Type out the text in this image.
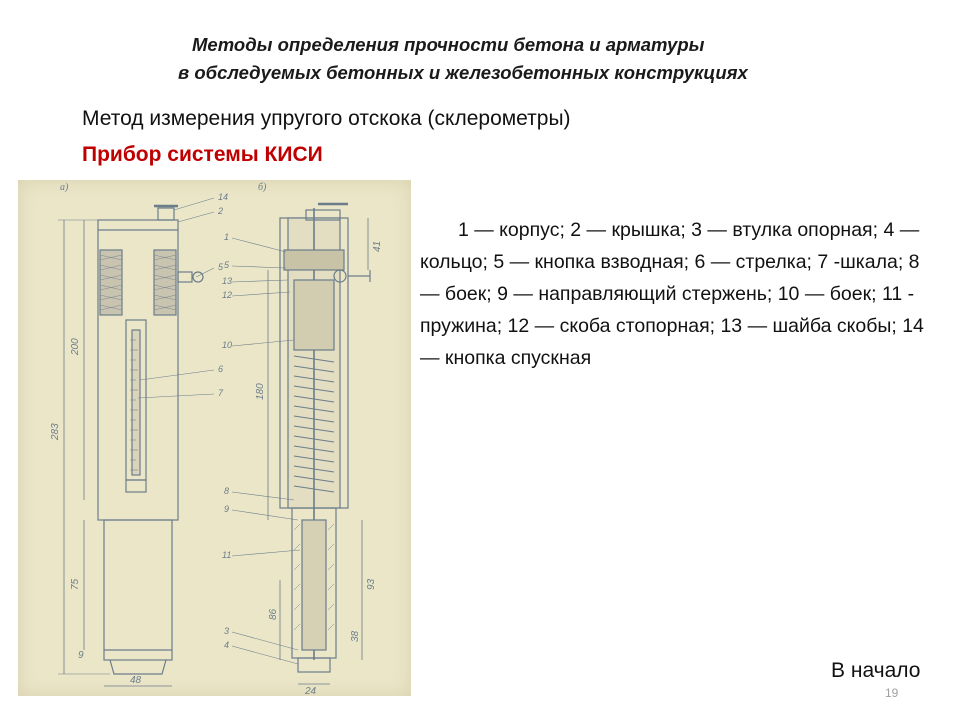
Методы определения прочности бетона и арматуры
в обследуемых бетонных и железобетонных конструкциях
Метод измерения упругого отскока (склерометры)
Прибор системы КИСИ
а)	б)
200
283
75
9
48
14
2
5
6
7
41
180
93
38
86
24
1
5
13
12
10
8
9
11
3
4

1 — корпус; 2 — крышка; 3 — втулка опорная; 4 — кольцо; 5 — кнопка взводная; 6 — стрелка; 7 -шкала; 8 — боек; 9 — направляющий стержень; 10 — боек; 11 - пружина; 12 — скоба стопорная; 13 — шайба скобы; 14 — кнопка спускная

В начало
19
